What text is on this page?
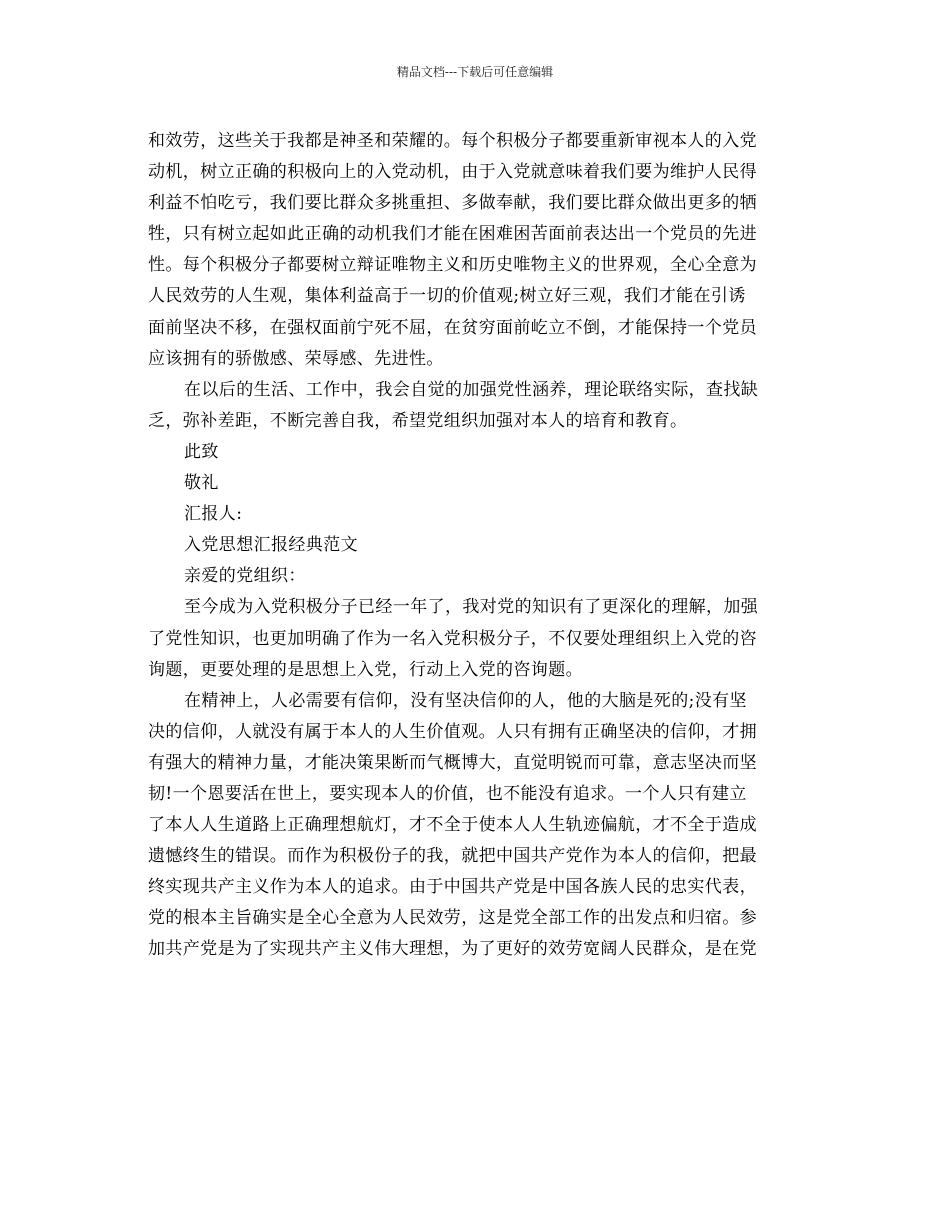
精品文档---下载后可任意编辑
和效劳，这些关于我都是神圣和荣耀的。每个积极分子都要重新审视本人的入党
动机，树立正确的积极向上的入党动机，由于入党就意味着我们要为维护人民得
利益不怕吃亏，我们要比群众多挑重担、多做奉献，我们要比群众做出更多的牺
牲，只有树立起如此正确的动机我们才能在困难困苦面前表达出一个党员的先进
性。每个积极分子都要树立辩证唯物主义和历史唯物主义的世界观，全心全意为
人民效劳的人生观，集体利益高于一切的价值观;树立好三观，我们才能在引诱
面前坚决不移，在强权面前宁死不屈，在贫穷面前屹立不倒，才能保持一个党员
应该拥有的骄傲感、荣辱感、先进性。
在以后的生活、工作中，我会自觉的加强党性涵养，理论联络实际，查找缺
乏，弥补差距，不断完善自我，希望党组织加强对本人的培育和教育。
此致
敬礼
汇报人:
入党思想汇报经典范文
亲爱的党组织：
至今成为入党积极分子已经一年了，我对党的知识有了更深化的理解，加强
了党性知识，也更加明确了作为一名入党积极分子，不仅要处理组织上入党的咨
询题，更要处理的是思想上入党，行动上入党的咨询题。
在精神上，人必需要有信仰，没有坚决信仰的人，他的大脑是死的;没有坚
决的信仰，人就没有属于本人的人生价值观。人只有拥有正确坚决的信仰，才拥
有强大的精神力量，才能决策果断而气概博大，直觉明锐而可靠，意志坚决而坚
韧!一个恩要活在世上，要实现本人的价值，也不能没有追求。一个人只有建立
了本人人生道路上正确理想航灯，才不全于使本人人生轨迹偏航，才不全于造成
遗憾终生的错误。而作为积极份子的我，就把中国共产党作为本人的信仰，把最
终实现共产主义作为本人的追求。由于中国共产党是中国各族人民的忠实代表，
党的根本主旨确实是全心全意为人民效劳，这是党全部工作的出发点和归宿。参
加共产党是为了实现共产主义伟大理想，为了更好的效劳宽阔人民群众，是在党
